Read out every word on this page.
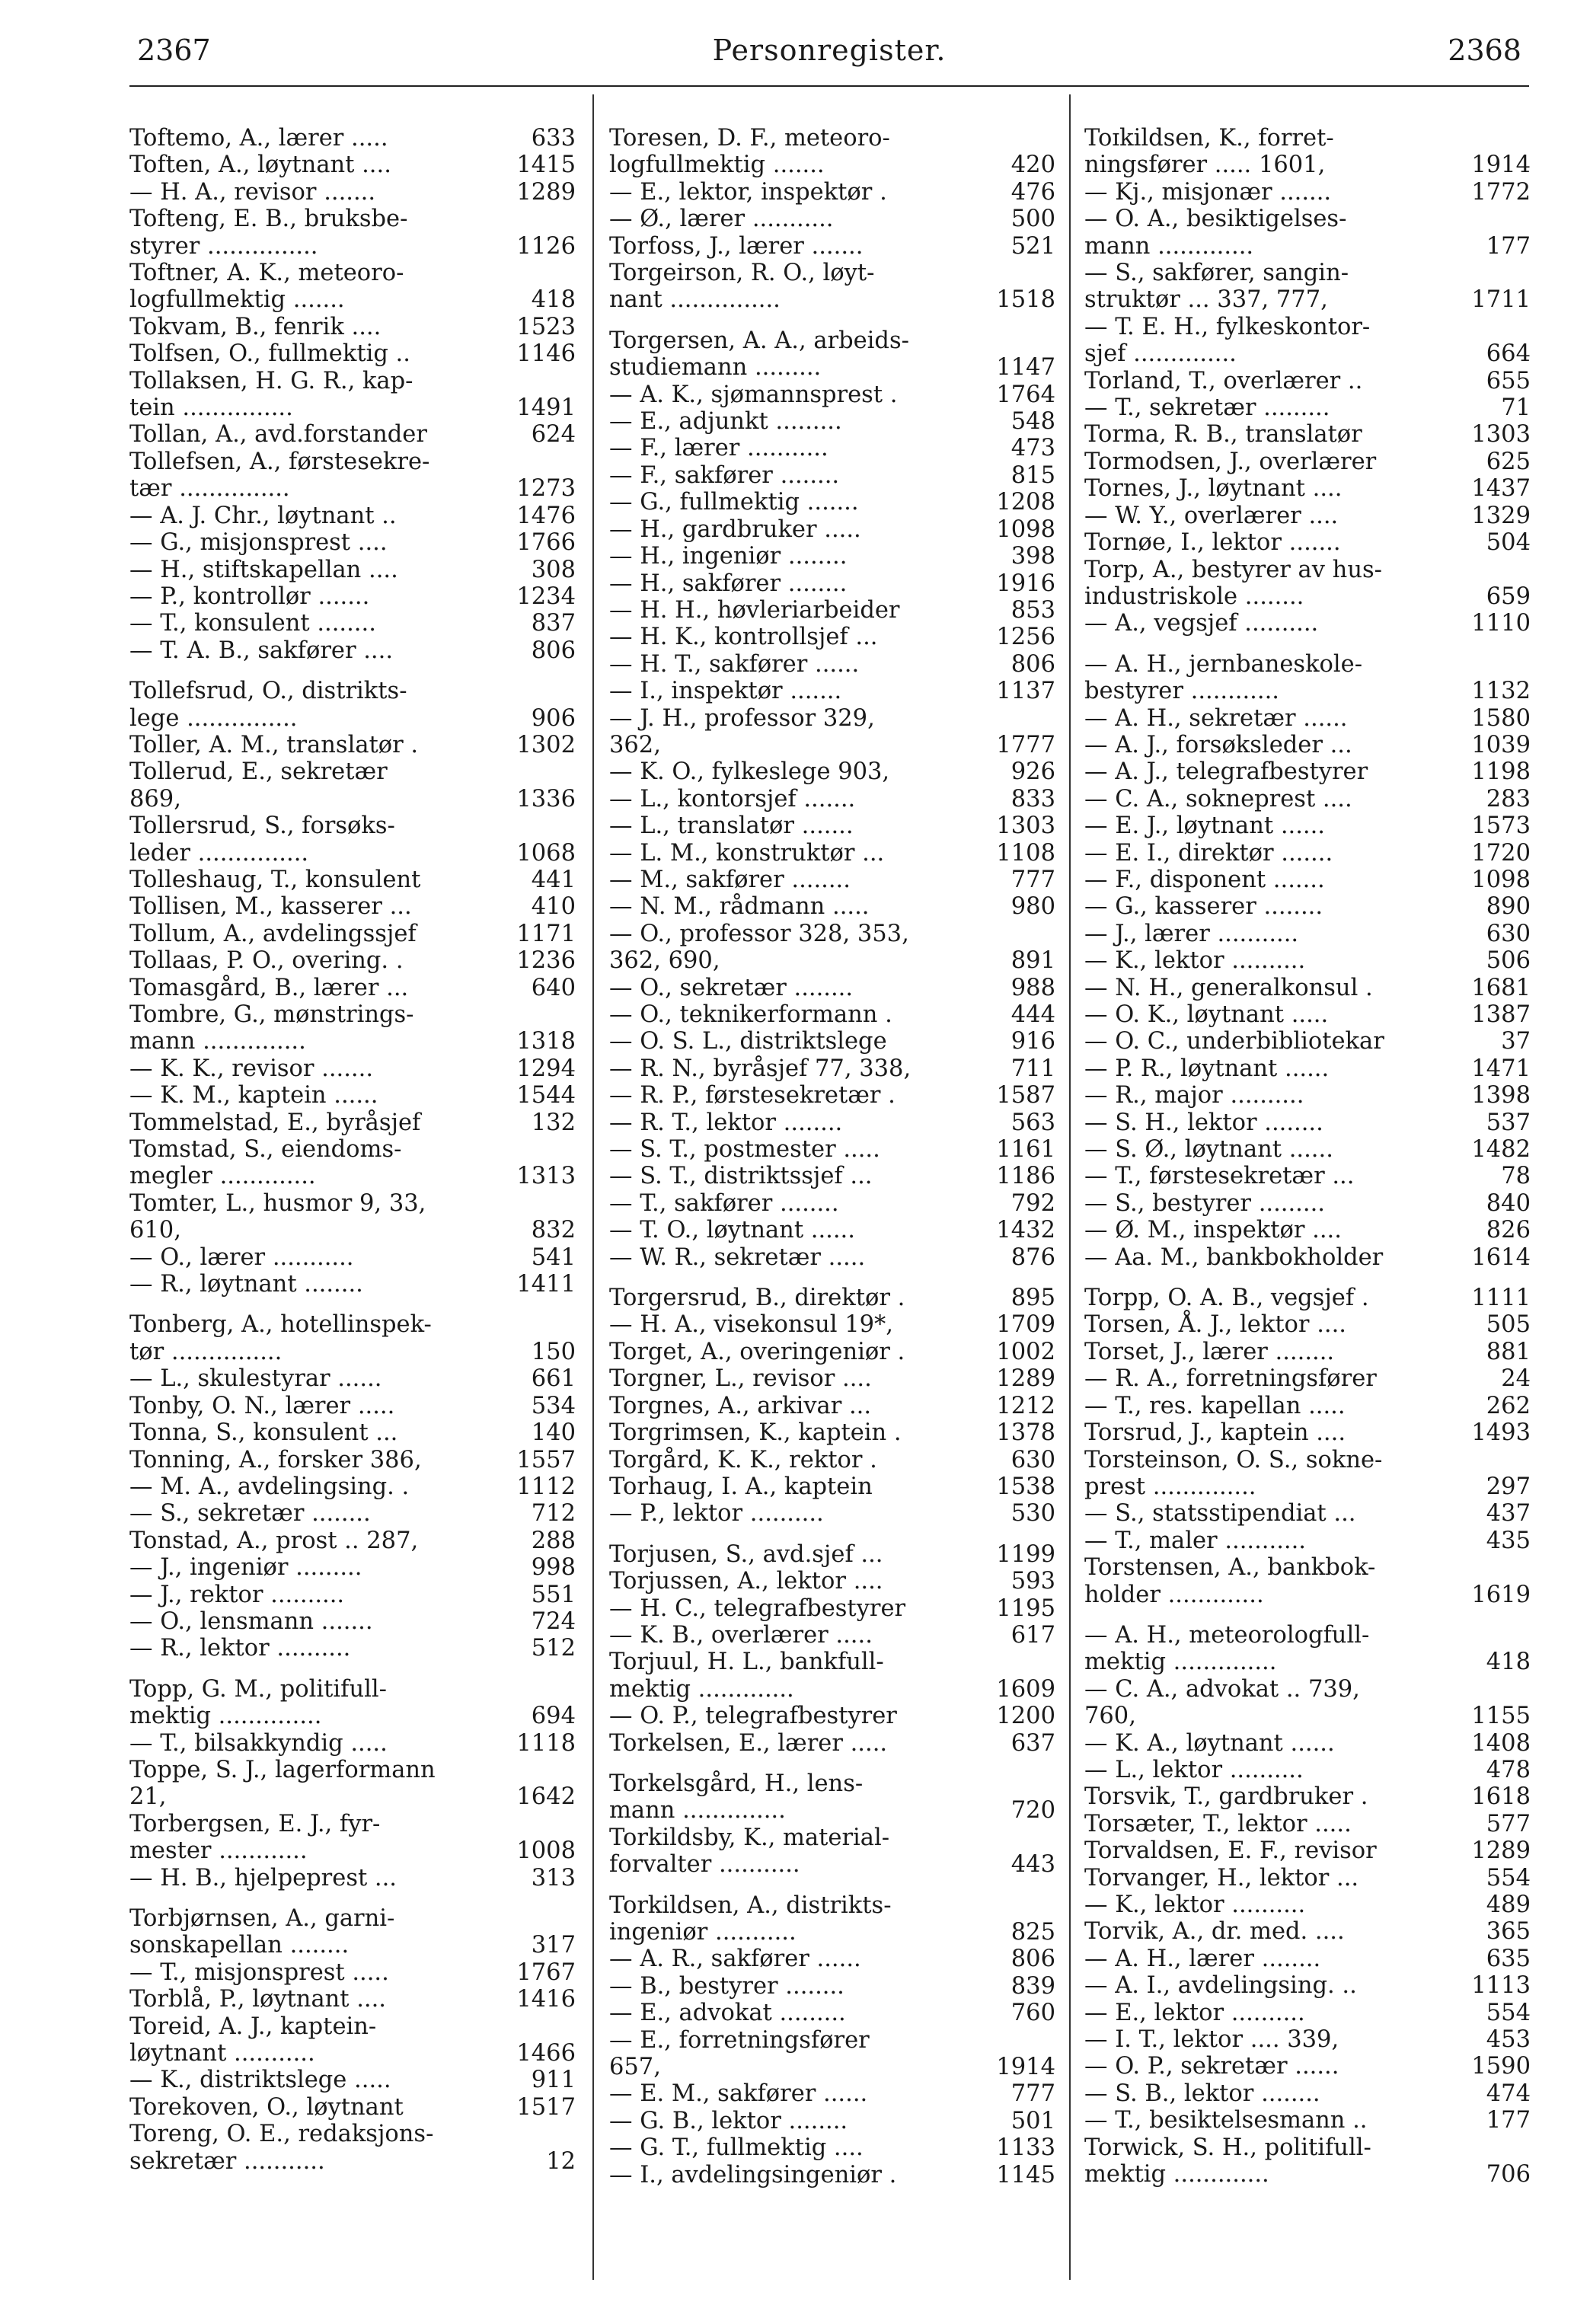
2367	Personregister.	2368
Toftemo, A., lærer .....	633
Toften, A., løytnant ....	1415
— H. A., revisor .......	1289
Tofteng, E. B., bruksbe-
styrer ...............	1126
Toftner, A. K., meteoro-
logfullmektig .......	418
Tokvam, B., fenrik ....	1523
Tolfsen, O., fullmektig ..	1146
Tollaksen, H. G. R., kap-
tein ...............	1491
Tollan, A., avd.forstander	624
Tollefsen, A., førstesekre-
tær ...............	1273
— A. J. Chr., løytnant ..	1476
— G., misjonsprest ....	1766
— H., stiftskapellan ....	308
— P., kontrollør .......	1234
— T., konsulent ........	837
— T. A. B., sakfører ....	806
Tollefsrud, O., distrikts-
lege ...............	906
Toller, A. M., translatør .	1302
Tollerud, E., sekretær
869,	1336
Tollersrud, S., forsøks-
leder ...............	1068
Tolleshaug, T., konsulent	441
Tollisen, M., kasserer ...	410
Tollum, A., avdelingssjef	1171
Tollaas, P. O., overing. .	1236
Tomasgård, B., lærer ...	640
Tombre, G., mønstrings-
mann ..............	1318
— K. K., revisor .......	1294
— K. M., kaptein ......	1544
Tommelstad, E., byråsjef	132
Tomstad, S., eiendoms-
megler .............	1313
Tomter, L., husmor 9, 33,
610,	832
— O., lærer ...........	541
— R., løytnant ........	1411
Tonberg, A., hotellinspek-
tør ...............	150
— L., skulestyrar ......	661
Tonby, O. N., lærer .....	534
Tonna, S., konsulent ...	140
Tonning, A., forsker 386,	1557
— M. A., avdelingsing. .	1112
— S., sekretær ........	712
Tonstad, A., prost .. 287,	288
— J., ingeniør .........	998
— J., rektor ..........	551
— O., lensmann .......	724
— R., lektor ..........	512
Topp, G. M., politifull-
mektig ..............	694
— T., bilsakkyndig .....	1118
Toppe, S. J., lagerformann
21,	1642
Torbergsen, E. J., fyr-
mester ............	1008
— H. B., hjelpeprest ...	313
Torbjørnsen, A., garni-
sonskapellan ........	317
— T., misjonsprest .....	1767
Torblå, P., løytnant ....	1416
Toreid, A. J., kaptein-
løytnant ...........	1466
— K., distriktslege .....	911
Torekoven, O., løytnant	1517
Toreng, O. E., redaksjons-
sekretær ...........	12
Toresen, D. F., meteoro-
logfullmektig .......	420
— E., lektor, inspektør .	476
— Ø., lærer ...........	500
Torfoss, J., lærer .......	521
Torgeirson, R. O., løyt-
nant ...............	1518
Torgersen, A. A., arbeids-
studiemann .........	1147
— A. K., sjømannsprest .	1764
— E., adjunkt .........	548
— F., lærer ...........	473
— F., sakfører ........	815
— G., fullmektig .......	1208
— H., gardbruker .....	1098
— H., ingeniør ........	398
— H., sakfører ........	1916
— H. H., høvleriarbeider	853
— H. K., kontrollsjef ...	1256
— H. T., sakfører ......	806
— I., inspektør .......	1137
— J. H., professor 329,
362,	1777
— K. O., fylkeslege 903,	926
— L., kontorsjef .......	833
— L., translatør .......	1303
— L. M., konstruktør ...	1108
— M., sakfører ........	777
— N. M., rådmann .....	980
— O., professor 328, 353,
362, 690,	891
— O., sekretær ........	988
— O., teknikerformann .	444
— O. S. L., distriktslege	916
— R. N., byråsjef 77, 338,	711
— R. P., førstesekretær .	1587
— R. T., lektor ........	563
— S. T., postmester .....	1161
— S. T., distriktssjef ...	1186
— T., sakfører ........	792
— T. O., løytnant ......	1432
— W. R., sekretær .....	876
Torgersrud, B., direktør .	895
— H. A., visekonsul 19*,	1709
Torget, A., overingeniør .	1002
Torgner, L., revisor ....	1289
Torgnes, A., arkivar ...	1212
Torgrimsen, K., kaptein .	1378
Torgård, K. K., rektor .	630
Torhaug, I. A., kaptein	1538
— P., lektor ..........	530
Torjusen, S., avd.sjef ...	1199
Torjussen, A., lektor ....	593
— H. C., telegrafbestyrer	1195
— K. B., overlærer .....	617
Torjuul, H. L., bankfull-
mektig .............	1609
— O. P., telegrafbestyrer	1200
Torkelsen, E., lærer .....	637
Torkelsgård, H., lens-
mann ..............	720
Torkildsby, K., material-
forvalter ...........	443
Torkildsen, A., distrikts-
ingeniør ...........	825
— A. R., sakfører ......	806
— B., bestyrer ........	839
— E., advokat .........	760
— E., forretningsfører
657,	1914
— E. M., sakfører ......	777
— G. B., lektor ........	501
— G. T., fullmektig ....	1133
— I., avdelingsingeniør .	1145
Toɪkildsen, K., forret-
ningsfører ..... 1601,	1914
— Kj., misjonær .......	1772
— O. A., besiktigelses-
mann .............	177
— S., sakfører, sangin-
struktør ... 337, 777,	1711
— T. E. H., fylkeskontor-
sjef ..............	664
Torland, T., overlærer ..	655
— T., sekretær .........	71
Torma, R. B., translatør	1303
Tormodsen, J., overlærer	625
Tornes, J., løytnant ....	1437
— W. Y., overlærer ....	1329
Tornøe, I., lektor .......	504
Torp, A., bestyrer av hus-
industriskole ........	659
— A., vegsjef ..........	1110
— A. H., jernbaneskole-
bestyrer ............	1132
— A. H., sekretær ......	1580
— A. J., forsøksleder ...	1039
— A. J., telegrafbestyrer	1198
— C. A., sokneprest ....	283
— E. J., løytnant ......	1573
— E. I., direktør .......	1720
— F., disponent .......	1098
— G., kasserer ........	890
— J., lærer ...........	630
— K., lektor ..........	506
— N. H., generalkonsul .	1681
— O. K., løytnant .....	1387
— O. C., underbibliotekar	37
— P. R., løytnant ......	1471
— R., major ..........	1398
— S. H., lektor ........	537
— S. Ø., løytnant ......	1482
— T., førstesekretær ...	78
— S., bestyrer .........	840
— Ø. M., inspektør ....	826
— Aa. M., bankbokholder	1614
Torpp, O. A. B., vegsjef .	1111
Torsen, Å. J., lektor ....	505
Torset, J., lærer ........	881
— R. A., forretningsfører	24
— T., res. kapellan .....	262
Torsrud, J., kaptein ....	1493
Torsteinson, O. S., sokne-
prest ..............	297
— S., statsstipendiat ...	437
— T., maler ...........	435
Torstensen, A., bankbok-
holder .............	1619
— A. H., meteorologfull-
mektig ..............	418
— C. A., advokat .. 739,
760,	1155
— K. A., løytnant ......	1408
— L., lektor ..........	478
Torsvik, T., gardbruker .	1618
Torsæter, T., lektor .....	577
Torvaldsen, E. F., revisor	1289
Torvanger, H., lektor ...	554
— K., lektor ..........	489
Torvik, A., dr. med. ....	365
— A. H., lærer ........	635
— A. I., avdelingsing. ..	1113
— E., lektor ..........	554
— I. T., lektor .... 339,	453
— O. P., sekretær ......	1590
— S. B., lektor ........	474
— T., besiktelsesmann ..	177
Torwick, S. H., politifull-
mektig .............	706
